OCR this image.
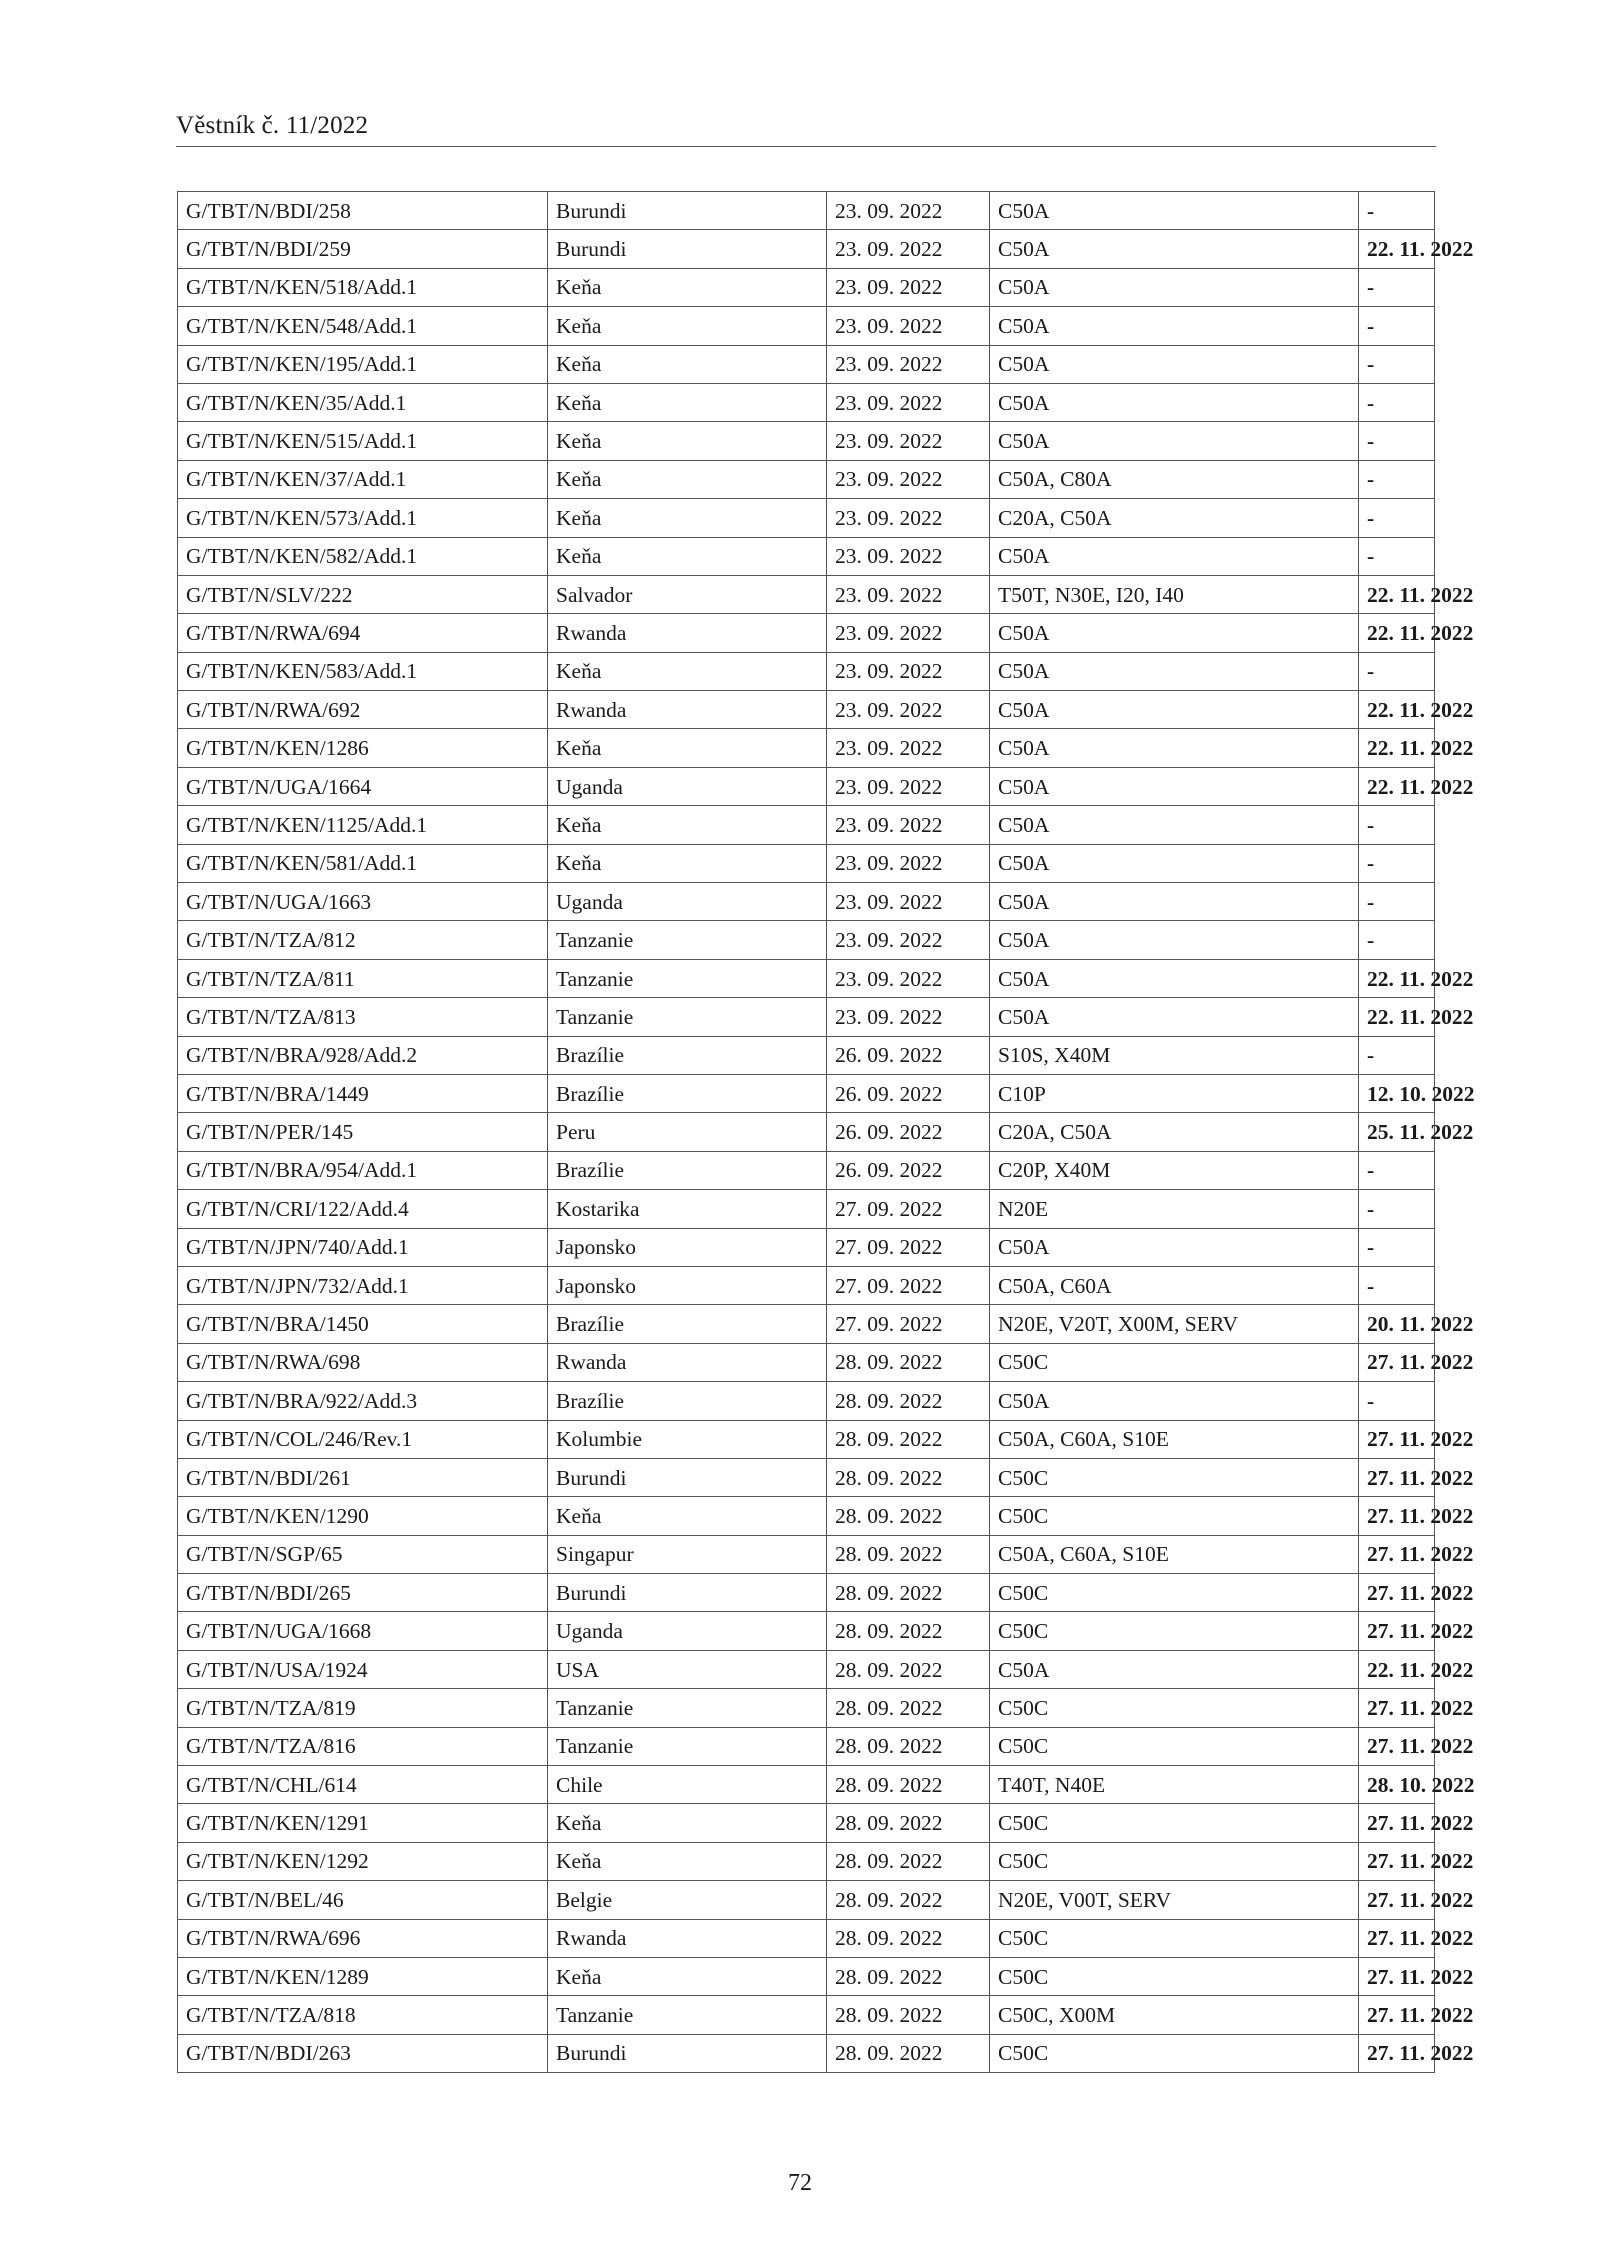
Věstník č. 11/2022
G/TBT/N/BDI/258	Burundi	23. 09. 2022	C50A	-
G/TBT/N/BDI/259	Burundi	23. 09. 2022	C50A	22. 11. 2022
G/TBT/N/KEN/518/Add.1	Keňa	23. 09. 2022	C50A	-
G/TBT/N/KEN/548/Add.1	Keňa	23. 09. 2022	C50A	-
G/TBT/N/KEN/195/Add.1	Keňa	23. 09. 2022	C50A	-
G/TBT/N/KEN/35/Add.1	Keňa	23. 09. 2022	C50A	-
G/TBT/N/KEN/515/Add.1	Keňa	23. 09. 2022	C50A	-
G/TBT/N/KEN/37/Add.1	Keňa	23. 09. 2022	C50A, C80A	-
G/TBT/N/KEN/573/Add.1	Keňa	23. 09. 2022	C20A, C50A	-
G/TBT/N/KEN/582/Add.1	Keňa	23. 09. 2022	C50A	-
G/TBT/N/SLV/222	Salvador	23. 09. 2022	T50T, N30E, I20, I40	22. 11. 2022
G/TBT/N/RWA/694	Rwanda	23. 09. 2022	C50A	22. 11. 2022
G/TBT/N/KEN/583/Add.1	Keňa	23. 09. 2022	C50A	-
G/TBT/N/RWA/692	Rwanda	23. 09. 2022	C50A	22. 11. 2022
G/TBT/N/KEN/1286	Keňa	23. 09. 2022	C50A	22. 11. 2022
G/TBT/N/UGA/1664	Uganda	23. 09. 2022	C50A	22. 11. 2022
G/TBT/N/KEN/1125/Add.1	Keňa	23. 09. 2022	C50A	-
G/TBT/N/KEN/581/Add.1	Keňa	23. 09. 2022	C50A	-
G/TBT/N/UGA/1663	Uganda	23. 09. 2022	C50A	-
G/TBT/N/TZA/812	Tanzanie	23. 09. 2022	C50A	-
G/TBT/N/TZA/811	Tanzanie	23. 09. 2022	C50A	22. 11. 2022
G/TBT/N/TZA/813	Tanzanie	23. 09. 2022	C50A	22. 11. 2022
G/TBT/N/BRA/928/Add.2	Brazílie	26. 09. 2022	S10S, X40M	-
G/TBT/N/BRA/1449	Brazílie	26. 09. 2022	C10P	12. 10. 2022
G/TBT/N/PER/145	Peru	26. 09. 2022	C20A, C50A	25. 11. 2022
G/TBT/N/BRA/954/Add.1	Brazílie	26. 09. 2022	C20P, X40M	-
G/TBT/N/CRI/122/Add.4	Kostarika	27. 09. 2022	N20E	-
G/TBT/N/JPN/740/Add.1	Japonsko	27. 09. 2022	C50A	-
G/TBT/N/JPN/732/Add.1	Japonsko	27. 09. 2022	C50A, C60A	-
G/TBT/N/BRA/1450	Brazílie	27. 09. 2022	N20E, V20T, X00M, SERV	20. 11. 2022
G/TBT/N/RWA/698	Rwanda	28. 09. 2022	C50C	27. 11. 2022
G/TBT/N/BRA/922/Add.3	Brazílie	28. 09. 2022	C50A	-
G/TBT/N/COL/246/Rev.1	Kolumbie	28. 09. 2022	C50A, C60A, S10E	27. 11. 2022
G/TBT/N/BDI/261	Burundi	28. 09. 2022	C50C	27. 11. 2022
G/TBT/N/KEN/1290	Keňa	28. 09. 2022	C50C	27. 11. 2022
G/TBT/N/SGP/65	Singapur	28. 09. 2022	C50A, C60A, S10E	27. 11. 2022
G/TBT/N/BDI/265	Burundi	28. 09. 2022	C50C	27. 11. 2022
G/TBT/N/UGA/1668	Uganda	28. 09. 2022	C50C	27. 11. 2022
G/TBT/N/USA/1924	USA	28. 09. 2022	C50A	22. 11. 2022
G/TBT/N/TZA/819	Tanzanie	28. 09. 2022	C50C	27. 11. 2022
G/TBT/N/TZA/816	Tanzanie	28. 09. 2022	C50C	27. 11. 2022
G/TBT/N/CHL/614	Chile	28. 09. 2022	T40T, N40E	28. 10. 2022
G/TBT/N/KEN/1291	Keňa	28. 09. 2022	C50C	27. 11. 2022
G/TBT/N/KEN/1292	Keňa	28. 09. 2022	C50C	27. 11. 2022
G/TBT/N/BEL/46	Belgie	28. 09. 2022	N20E, V00T, SERV	27. 11. 2022
G/TBT/N/RWA/696	Rwanda	28. 09. 2022	C50C	27. 11. 2022
G/TBT/N/KEN/1289	Keňa	28. 09. 2022	C50C	27. 11. 2022
G/TBT/N/TZA/818	Tanzanie	28. 09. 2022	C50C, X00M	27. 11. 2022
G/TBT/N/BDI/263	Burundi	28. 09. 2022	C50C	27. 11. 2022
72
